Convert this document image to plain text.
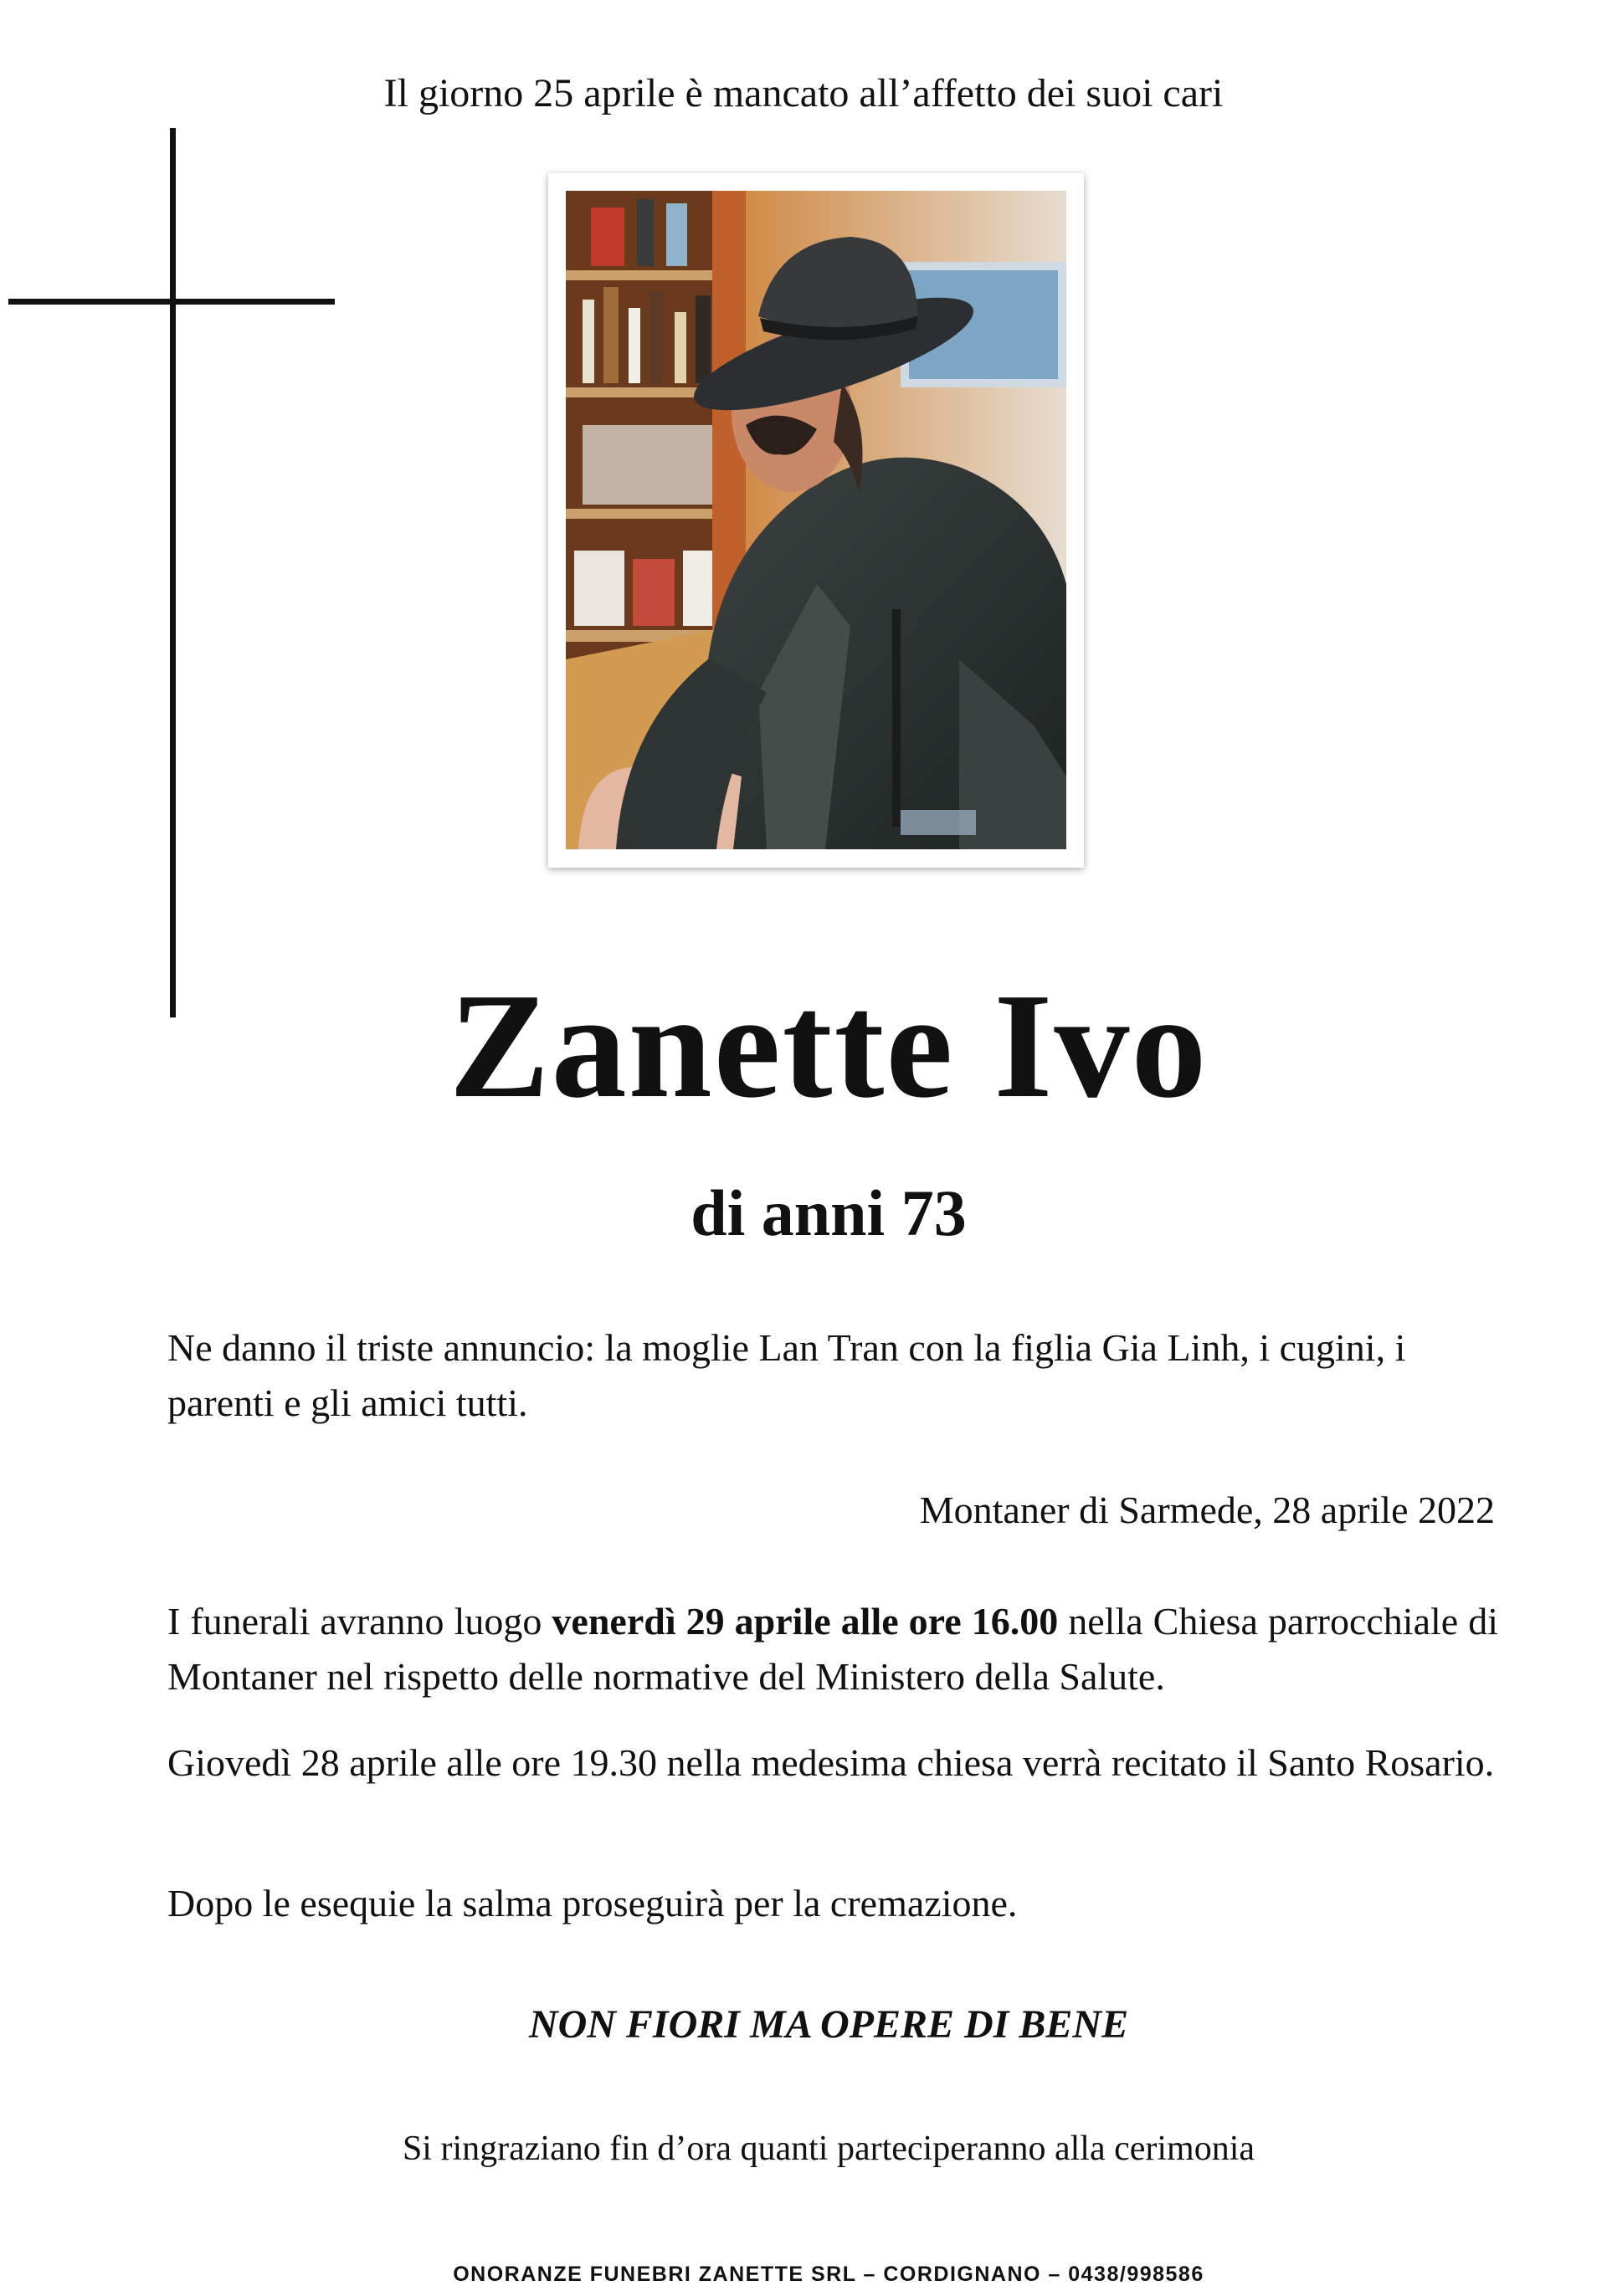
Il giorno 25 aprile è mancato all’affetto dei suoi cari
Zanette Ivo
di anni 73
Ne danno il triste annuncio: la moglie Lan Tran con la figlia Gia Linh, i cugini, i parenti e gli amici tutti.
Montaner di Sarmede, 28 aprile 2022
I funerali avranno luogo venerdì 29 aprile alle ore 16.00 nella Chiesa parrocchiale di Montaner nel rispetto delle normative del Ministero della Salute.
Giovedì 28 aprile alle ore 19.30 nella medesima chiesa verrà recitato il Santo Rosario.
Dopo le esequie la salma proseguirà per la cremazione.
NON FIORI MA OPERE DI BENE
Si ringraziano fin d’ora quanti parteciperanno alla cerimonia
ONORANZE FUNEBRI ZANETTE SRL – CORDIGNANO – 0438/998586
